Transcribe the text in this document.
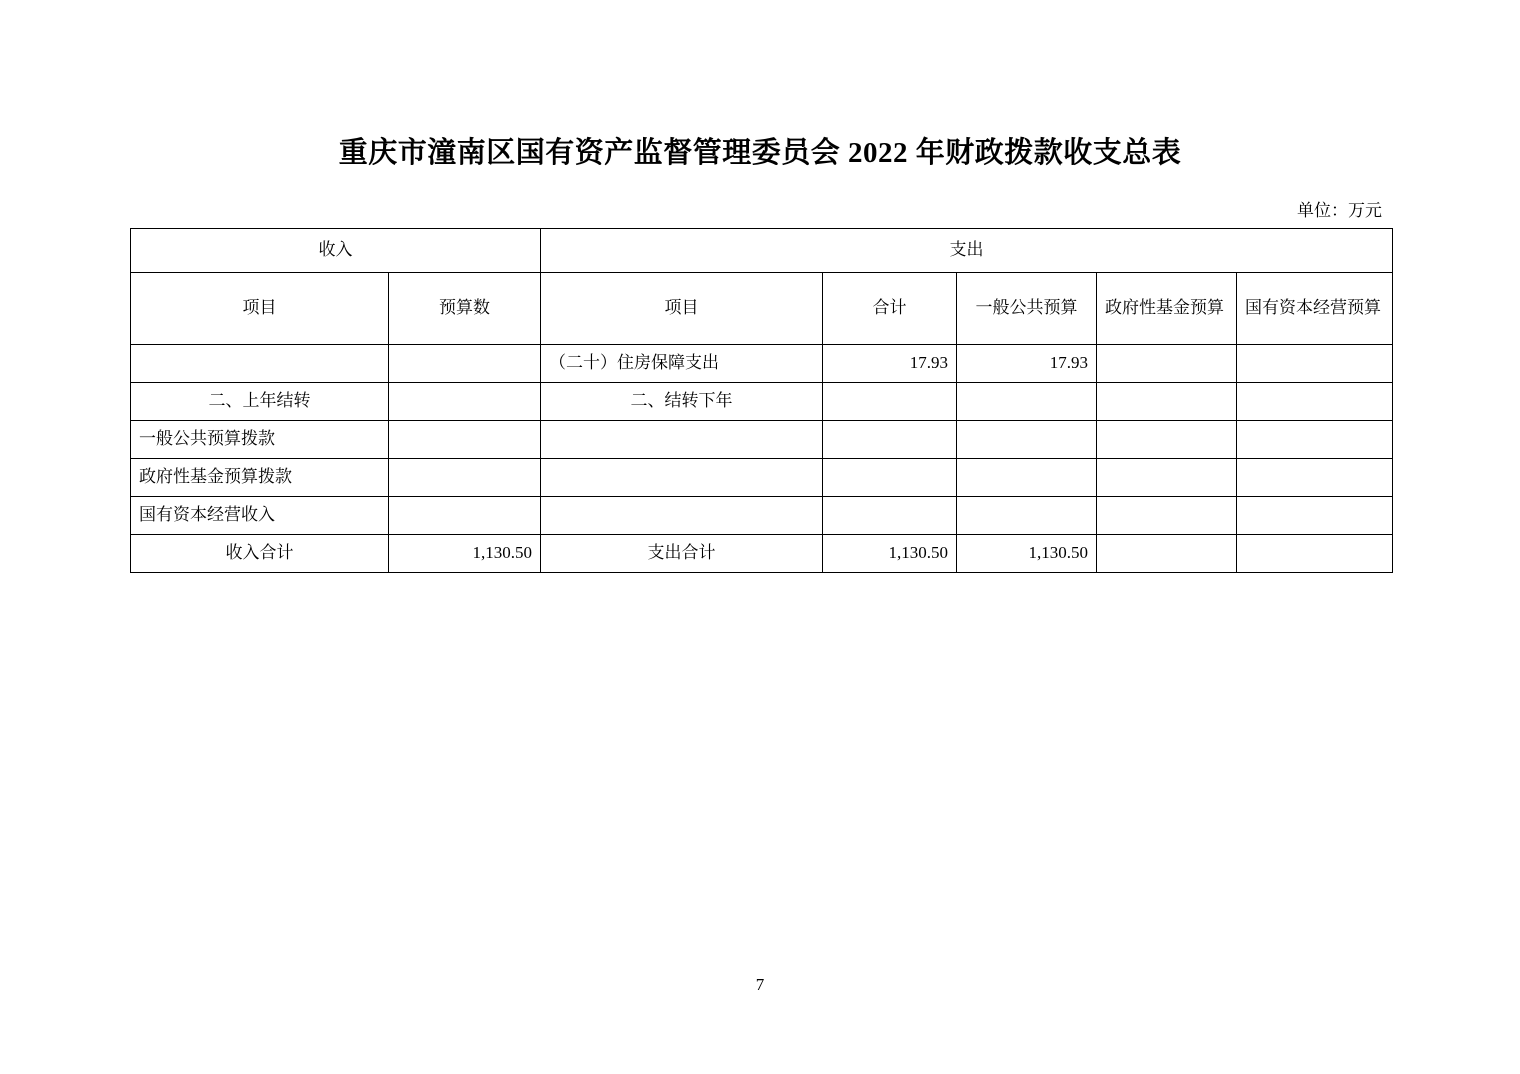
重庆市潼南区国有资产监督管理委员会 2022 年财政拨款收支总表
单位：万元
收入		支出				
项目	预算数	项目	合计	一般公共预算	政府性基金预算	国有资本经营预算
		（二十）住房保障支出	17.93	17.93		
二、上年结转		二、结转下年				
一般公共预算拨款						
政府性基金预算拨款						
国有资本经营收入						
收入合计	1,130.50	支出合计	1,130.50	1,130.50		
7
